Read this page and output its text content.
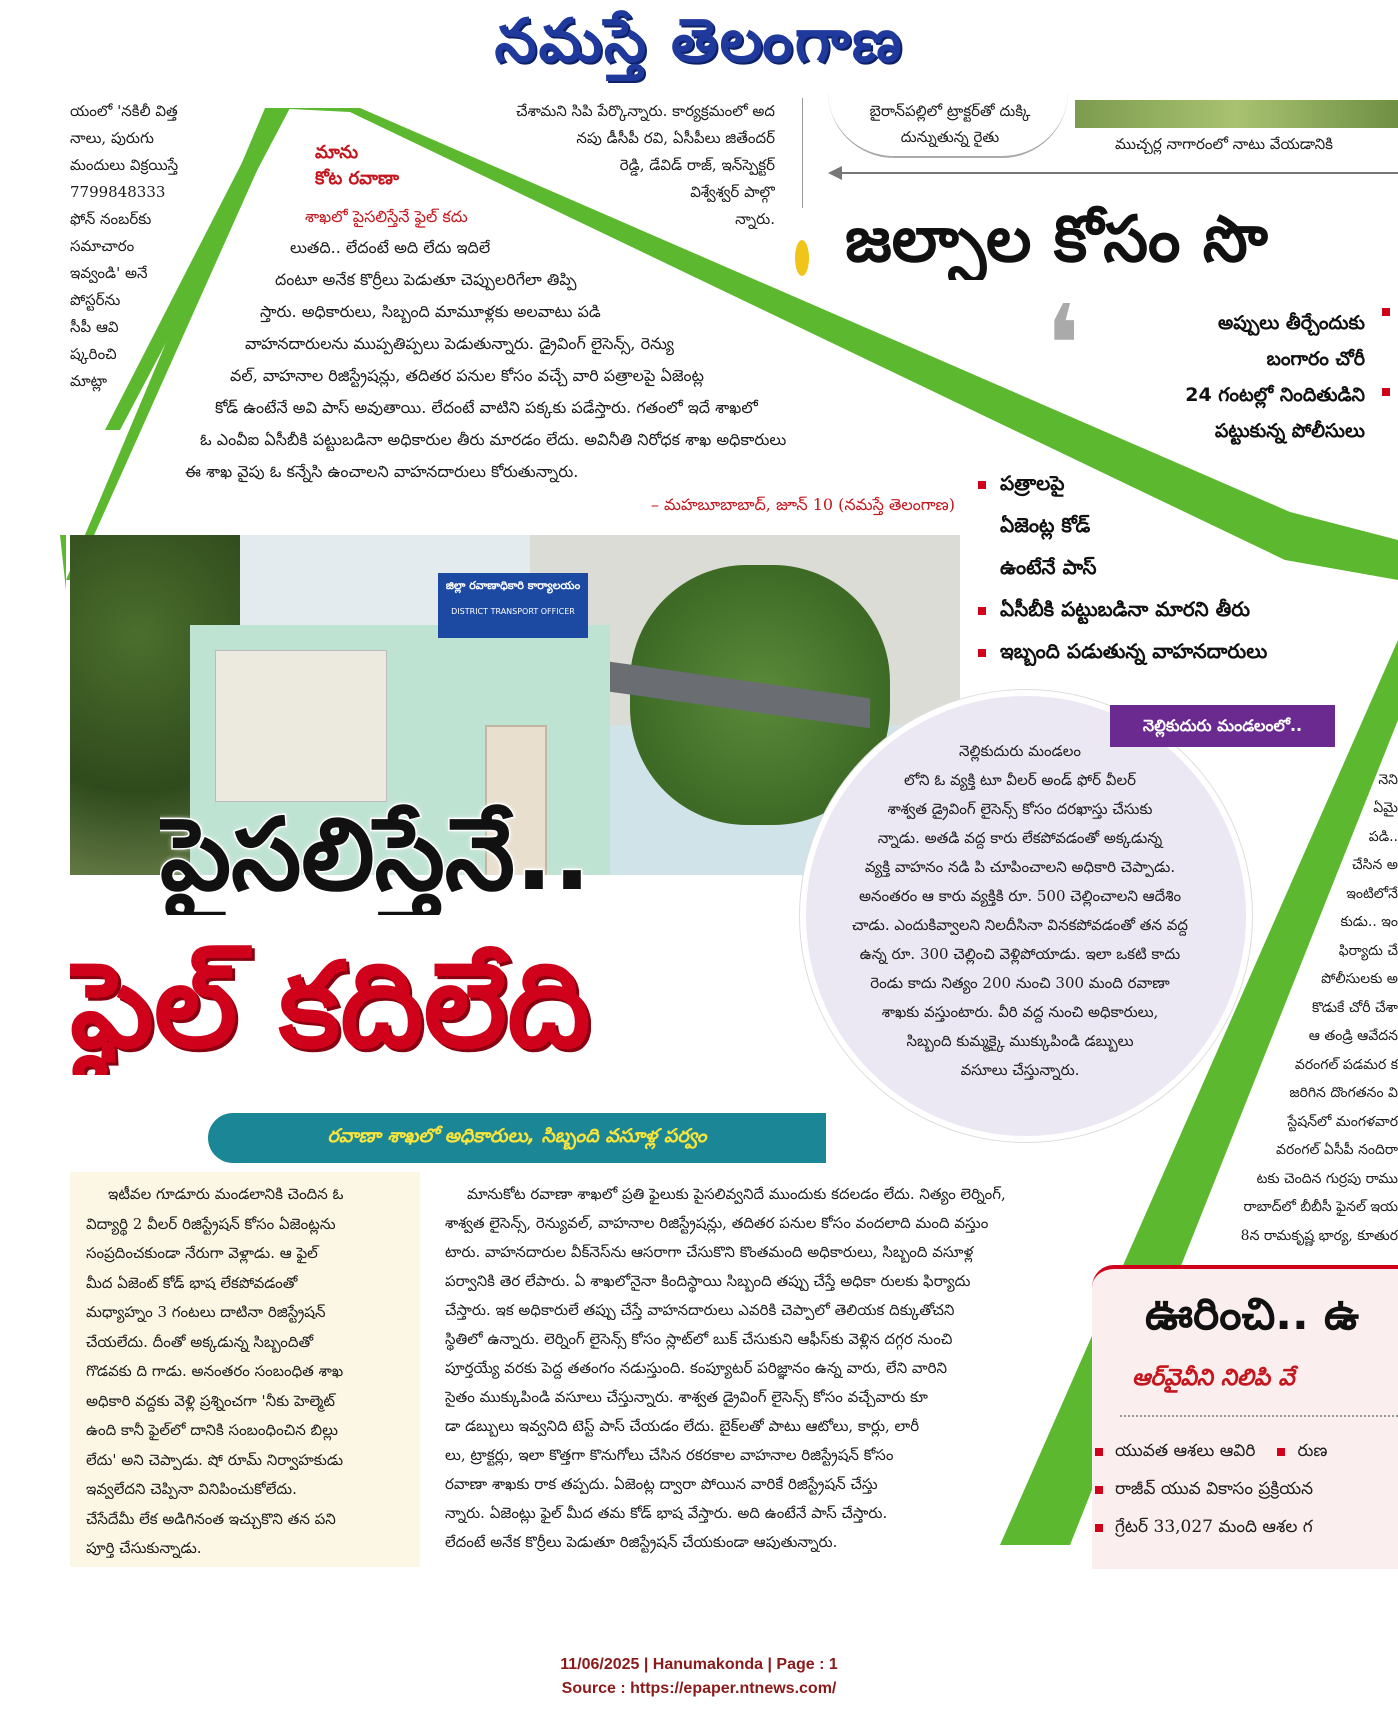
నమస్తే తెలంగాణ
యంలో 'నకిలీ విత్త
నాలు, పురుగు
మందులు విక్రయిస్తే
7799848333
ఫోన్ నంబర్‌కు
సమాచారం
ఇవ్వండి' అనే
పోస్టర్‌ను
సీపీ ఆవి
ష్కరించి
మాట్లా
చేశామని సిపి పేర్కొన్నారు. కార్యక్రమంలో అద
నపు డీసీపీ రవి, ఏసీపీలు జితేందర్
రెడ్డి, డేవిడ్ రాజ్, ఇన్‌స్పెక్టర్
విశ్వేశ్వర్ పాల్గొ
న్నారు.
బైరాన్‌పల్లిలో ట్రాక్టర్‌తో దుక్కి
దున్నుతున్న రైతు	ముచ్చర్ల నాగారంలో నాటు వేయడానికి
జల్సాల కోసం సొ
❛	అప్పులు తీర్చేందుకు
బంగారం చోరీ
24 గంటల్లో నిందితుడిని
పట్టుకున్న పోలీసులు
మాను
కోట రవాణా
శాఖలో పైసలిస్తేనే ఫైల్ కదు
లుతది.. లేదంటే అది లేదు ఇదిలే
దంటూ అనేక కొర్రీలు పెడుతూ చెప్పులరిగేలా తిప్పి
స్తారు. అధికారులు, సిబ్బంది మామూళ్లకు అలవాటు పడి
వాహనదారులను ముప్పతిప్పలు పెడుతున్నారు. డ్రైవింగ్ లైసెన్స్, రెన్యు
వల్, వాహనాల రిజిస్ట్రేషన్లు, తదితర పనుల కోసం వచ్చే వారి పత్రాలపై ఏజెంట్ల
కోడ్ ఉంటేనే అవి పాస్ అవుతాయి. లేదంటే వాటిని పక్కకు పడేస్తారు. గతంలో ఇదే శాఖలో
ఓ ఎంవీఐ ఏసీబీకి పట్టుబడినా అధికారుల తీరు మారడం లేదు. అవినీతి నిరోధక శాఖ అధికారులు
ఈ శాఖ వైపు ఓ కన్నేసి ఉంచాలని వాహనదారులు కోరుతున్నారు.
– మహబూబాబాద్, జూన్ 10 (నమస్తే తెలంగాణ)
పత్రాలపై
ఏజెంట్ల కోడ్
ఉంటేనే పాస్
ఏసీబీకి పట్టుబడినా మారని తీరు
ఇబ్బంది పడుతున్న వాహనదారులు
జిల్లా రవాణాధికారి కార్యాలయం
DISTRICT TRANSPORT OFFICER
పైసలిస్తేనే..
ఫైల్ కదిలేది
రవాణా శాఖలో అధికారులు, సిబ్బంది వసూళ్ల పర్వం
నెల్లికుదురు మండలంలో..
నెల్లికుదురు మండలం
లోని ఓ వ్యక్తి టూ వీలర్ అండ్ ఫోర్ వీలర్
శాశ్వత డ్రైవింగ్ లైసెన్స్ కోసం దరఖాస్తు చేసుకు
న్నాడు. అతడి వద్ద కారు లేకపోవడంతో అక్కడున్న
వ్యక్తి వాహనం నడి పి చూపించాలని అధికారి చెప్పాడు.
అనంతరం ఆ కారు వ్యక్తికి రూ. 500 చెల్లించాలని ఆదేశిం
చాడు. ఎందుకివ్వాలని నిలదీసినా వినకపోవడంతో తన వద్ద
ఉన్న రూ. 300 చెల్లించి వెళ్లిపోయాడు. ఇలా ఒకటి కాదు
రెండు కాదు నిత్యం 200 నుంచి 300 మంది రవాణా
శాఖకు వస్తుంటారు. వీరి వద్ద నుంచి అధికారులు,
సిబ్బంది కుమ్మక్కై ముక్కుపిండి డబ్బులు
వసూలు చేస్తున్నారు.

నెని
ఏమై
పడి..
చేసిన అ
ఇంటిలోనే
కుడు.. ఇం
ఫిర్యాదు చే
పోలీసులకు అ
కొడుకే చోరీ చేశా
ఆ తండ్రి ఆవేదన
వరంగల్ పడమర క
జరిగిన దొంగతనం వి
స్టేషన్‌లో మంగళవార
వరంగల్ ఏసీపీ నందిరా
టకు చెందిన గుర్రపు రాము
రాబాద్‌లో బీబీసీ ఫైనల్ ఇయ
8న రామకృష్ణ భార్య, కూతుర
ఇటీవల గూడూరు మండలానికి చెందిన ఓ
విద్యార్థి 2 వీలర్ రిజిస్ట్రేషన్ కోసం ఏజెంట్లను
సంప్రదించకుండా నేరుగా వెళ్లాడు. ఆ ఫైల్
మీద ఏజెంట్ కోడ్ భాష లేకపోవడంతో
మధ్యాహ్నం 3 గంటలు దాటినా రిజిస్ట్రేషన్
చేయలేదు. దీంతో అక్కడున్న సిబ్బందితో
గొడవకు ది గాడు. అనంతరం సంబంధిత శాఖ
అధికారి వద్దకు వెళ్లి ప్రశ్నించగా 'నీకు హెల్మెట్
ఉంది కానీ ఫైల్‌లో దానికి సంబంధించిన బిల్లు
లేదు' అని చెప్పాడు. షో రూమ్ నిర్వాహకుడు
ఇవ్వలేదని చెప్పినా వినిపించుకోలేదు.
చేసేదేమీ లేక అడిగినంత ఇచ్చుకొని తన పని
పూర్తి చేసుకున్నాడు.
మానుకోట రవాణా శాఖలో ప్రతి ఫైలుకు పైసలివ్వనిదే ముందుకు కదలడం లేదు. నిత్యం లెర్నింగ్,
శాశ్వత లైసెన్స్, రెన్యువల్, వాహనాల రిజిస్ట్రేషన్లు, తదితర పనుల కోసం వందలాది మంది వస్తుం
టారు. వాహనదారుల వీక్‌నెస్‌ను ఆసరాగా చేసుకొని కొంతమంది అధికారులు, సిబ్బంది వసూళ్ల
పర్వానికి తెర లేపారు. ఏ శాఖలోనైనా కిందిస్థాయి సిబ్బంది తప్పు చేస్తే అధికా రులకు ఫిర్యాదు
చేస్తారు. ఇక అధికారులే తప్పు చేస్తే వాహనదారులు ఎవరికి చెప్పాలో తెలియక దిక్కుతోచని
స్థితిలో ఉన్నారు. లెర్నింగ్ లైసెన్స్ కోసం స్లాట్‌లో బుక్ చేసుకుని ఆఫీస్‌కు వెళ్లిన దగ్గర నుంచి
పూర్తయ్యే వరకు పెద్ద తతంగం నడుస్తుంది. కంప్యూటర్ పరిజ్ఞానం ఉన్న వారు, లేని వారిని
సైతం ముక్కుపిండి వసూలు చేస్తున్నారు. శాశ్వత డ్రైవింగ్ లైసెన్స్ కోసం వచ్చేవారు కూ
డా డబ్బులు ఇవ్వనిది టెస్ట్ పాస్ చేయడం లేదు. బైక్‌లతో పాటు ఆటోలు, కార్లు, లారీ
లు, ట్రాక్టర్లు, ఇలా కొత్తగా కొనుగోలు చేసిన రకరకాల వాహనాల రిజిస్ట్రేషన్ కోసం
రవాణా శాఖకు రాక తప్పదు. ఏజెంట్ల ద్వారా పోయిన వారికే రిజిస్ట్రేషన్ చేస్తు
న్నారు. ఏజెంట్లు ఫైల్ మీద తమ కోడ్ భాష వేస్తారు. అది ఉంటేనే పాస్ చేస్తారు.
లేదంటే అనేక కొర్రీలు పెడుతూ రిజిస్ట్రేషన్ చేయకుండా ఆపుతున్నారు.
ఊరించి.. ఉ
ఆర్‌వైవీని నిలిపి వే
యువత ఆశలు ఆవిరి రుణ
రాజీవ్ యువ వికాసం ప్రక్రియన
గ్రేటర్ 33,027 మంది ఆశల గ
11/06/2025 | Hanumakonda | Page : 1
Source : https://epaper.ntnews.com/
